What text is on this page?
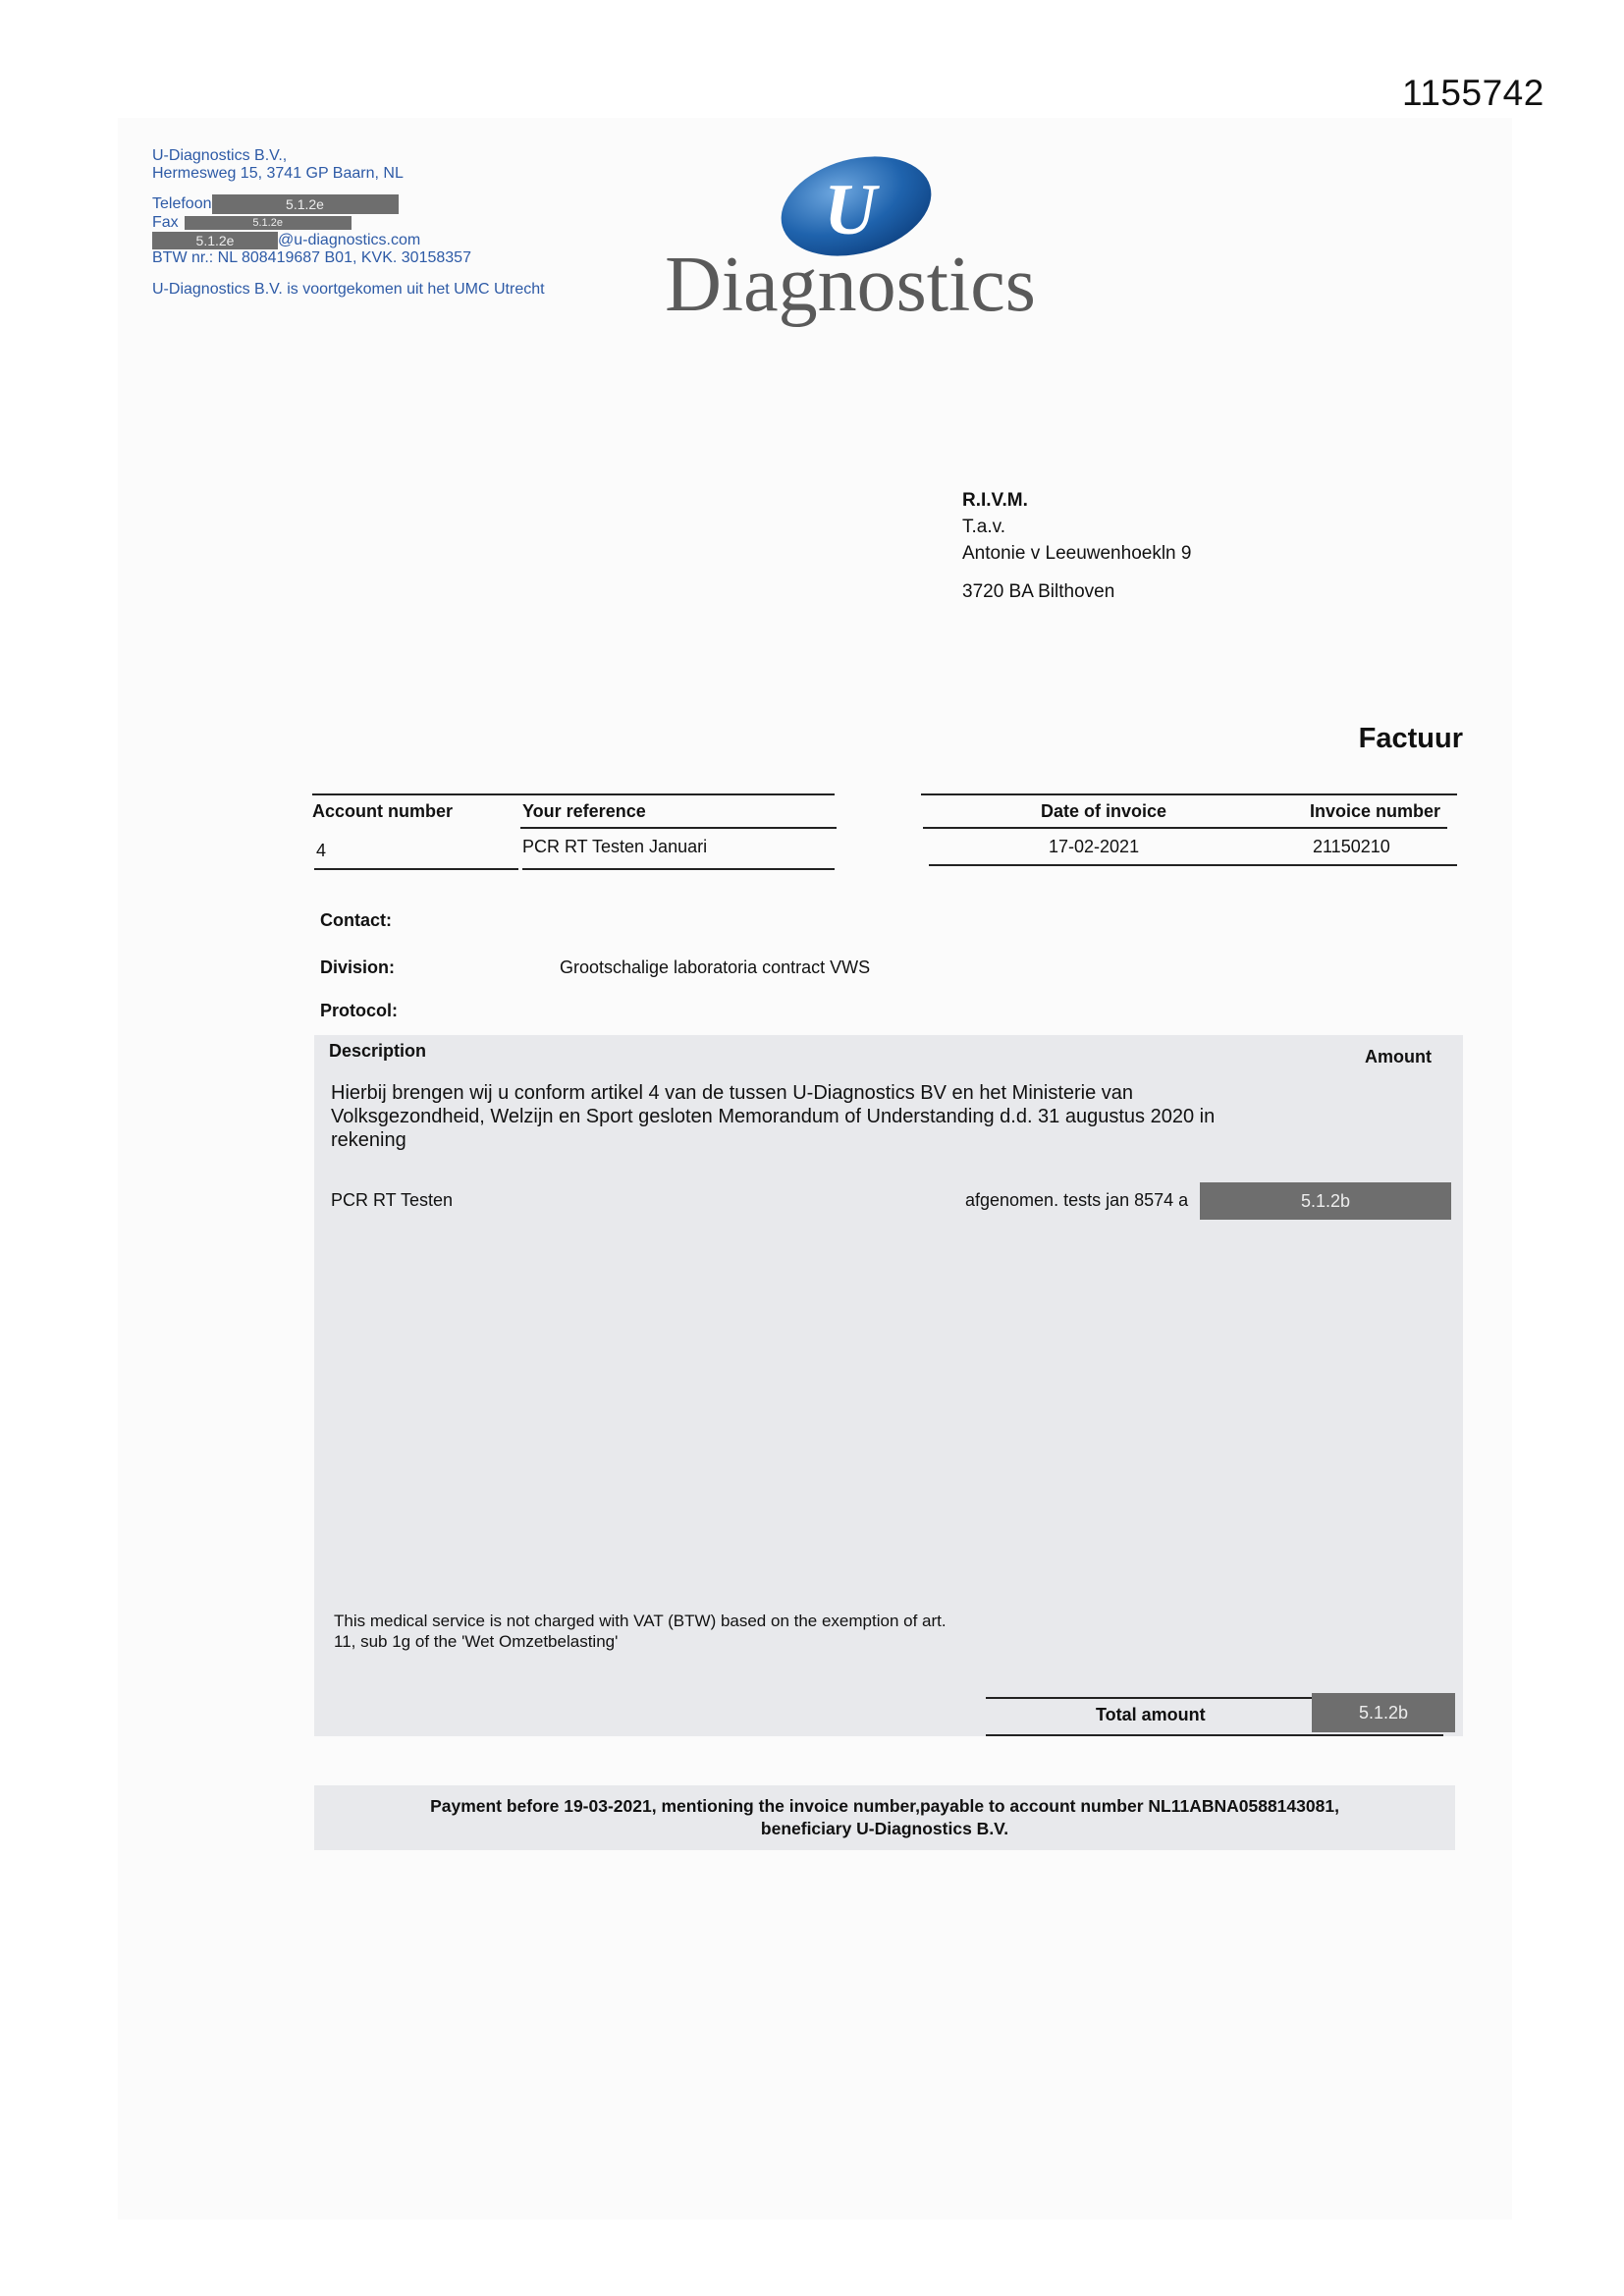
1155742
U-Diagnostics B.V.,
Hermesweg 15, 3741 GP Baarn, NL
Telefoon	5.1.2e
Fax	5.1.2e
5.1.2e	@u-diagnostics.com
BTW nr.: NL 808419687 B01, KVK. 30158357
U-Diagnostics B.V. is voortgekomen uit het UMC Utrecht
U
Diagnostics
R.I.V.M.
T.a.v.
Antonie v Leeuwenhoekln 9
3720 BA Bilthoven
Factuur
Account number	Your reference	Date of invoice	Invoice number
4	PCR RT Testen Januari	17-02-2021	21150210
Contact:
Division:	Grootschalige laboratoria contract VWS
Protocol:
Description	Amount
Hierbij brengen wij u conform artikel 4 van de tussen U-Diagnostics BV en het Ministerie van Volksgezondheid, Welzijn en Sport gesloten Memorandum of Understanding d.d. 31 augustus 2020 in rekening
PCR RT Testen	afgenomen. tests jan 8574 a	5.1.2b
This medical service is not charged with VAT (BTW) based on the exemption of art. 11, sub 1g of the 'Wet Omzetbelasting'
Total amount	5.1.2b
Payment before 19-03-2021, mentioning the invoice number,payable to account number NL11ABNA0588143081,
beneficiary U-Diagnostics B.V.
